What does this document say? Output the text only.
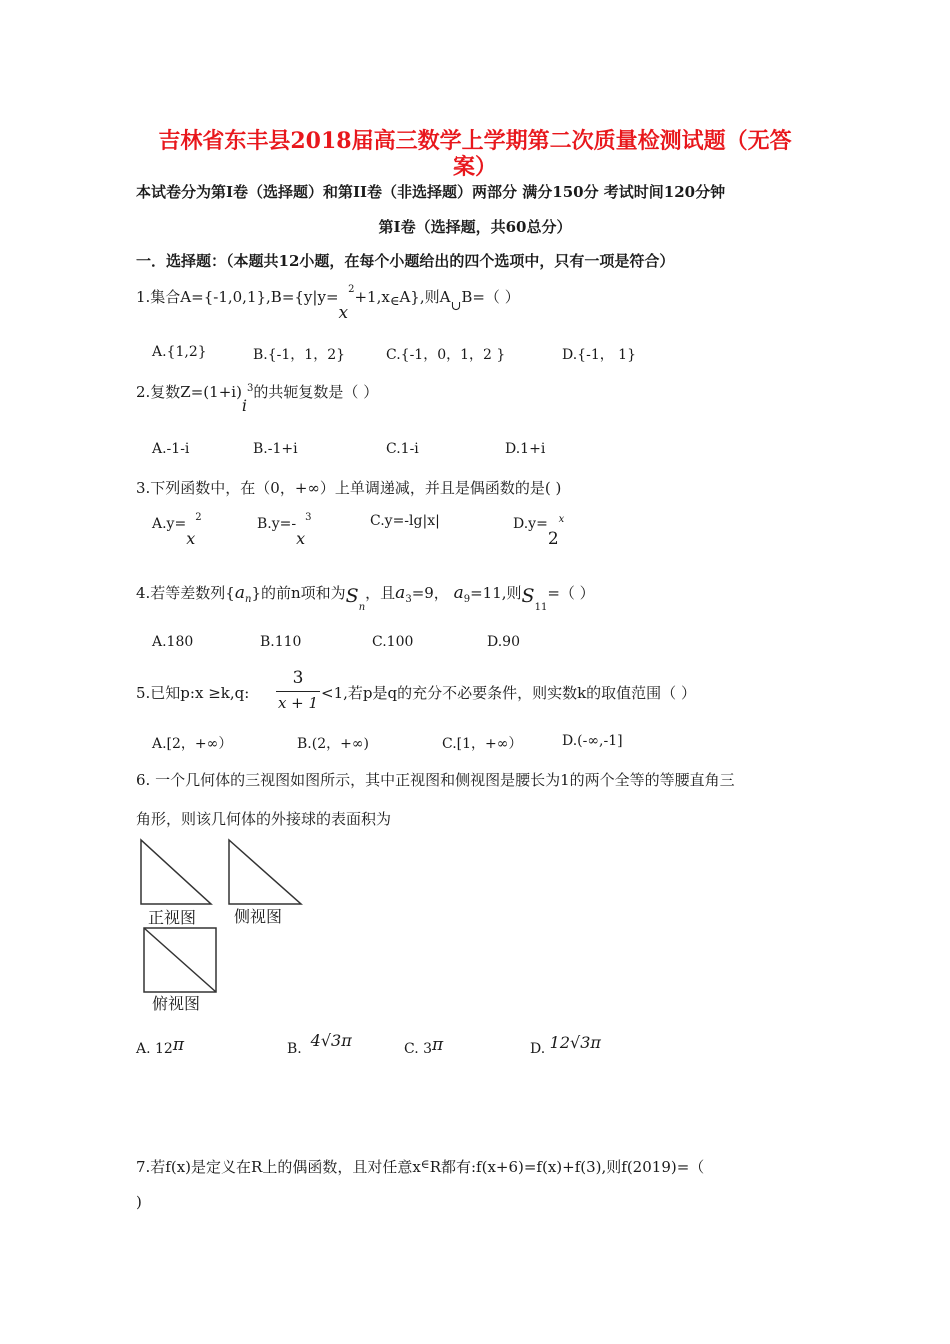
吉林省东丰县2018届高三数学上学期第二次质量检测试题（无答
案）
本试卷分为第I卷（选择题）和第II卷（非选择题）两部分 满分150分 考试时间120分钟
第I卷（选择题，共60总分）
一．选择题：（本题共12小题，在每个小题给出的四个选项中，只有一项是符合）
1.集合$A=\{-1,0,1\},B=\{y|y=x^2+1,x\in A\}$,则A∪B=（ ）
A.{1,2}	B.{-1，1，2}	C.{-1，0，1，2 }	D.{-1， 1}
2.复数$Z=(1+i)i^3$的共轭复数是（ ）
A.-1-i	B.-1+i	C.1-i	D.1+i
3.下列函数中，在（0，+∞）上单调递减，并且是偶函数的是( )
$A.y=x^2$	$B.y=-x^3$	C.y=-lg|x|	$D.y=2^x$
4.若等差数列$\{a_n\}$的前n项和为$S_n$，且$a_3=9$， $a_9=11$,则$S_{11}=$（ ）
A.180	B.110	C.100	D.90
5.已知p:x ≥k,q:
3
x + 1
<1,若p是q的充分不必要条件，则实数k的取值范围（ ）
A.[2，+∞）	B.(2，+∞)	C.[1，+∞）	D.(-∞,-1]
6. 一个几何体的三视图如图所示，其中正视图和侧视图是腰长为1的两个全等的等腰直角三
角形，则该几何体的外接球的表面积为
正视图 侧视图
俯视图
A. 12π	B. 4√3π	C. 3π	D. 12√3π
7.若f(x)是定义在R上的偶函数，且对任意x∈R都有:f(x+6)=f(x)+f(3),则f(2019)=（
)
